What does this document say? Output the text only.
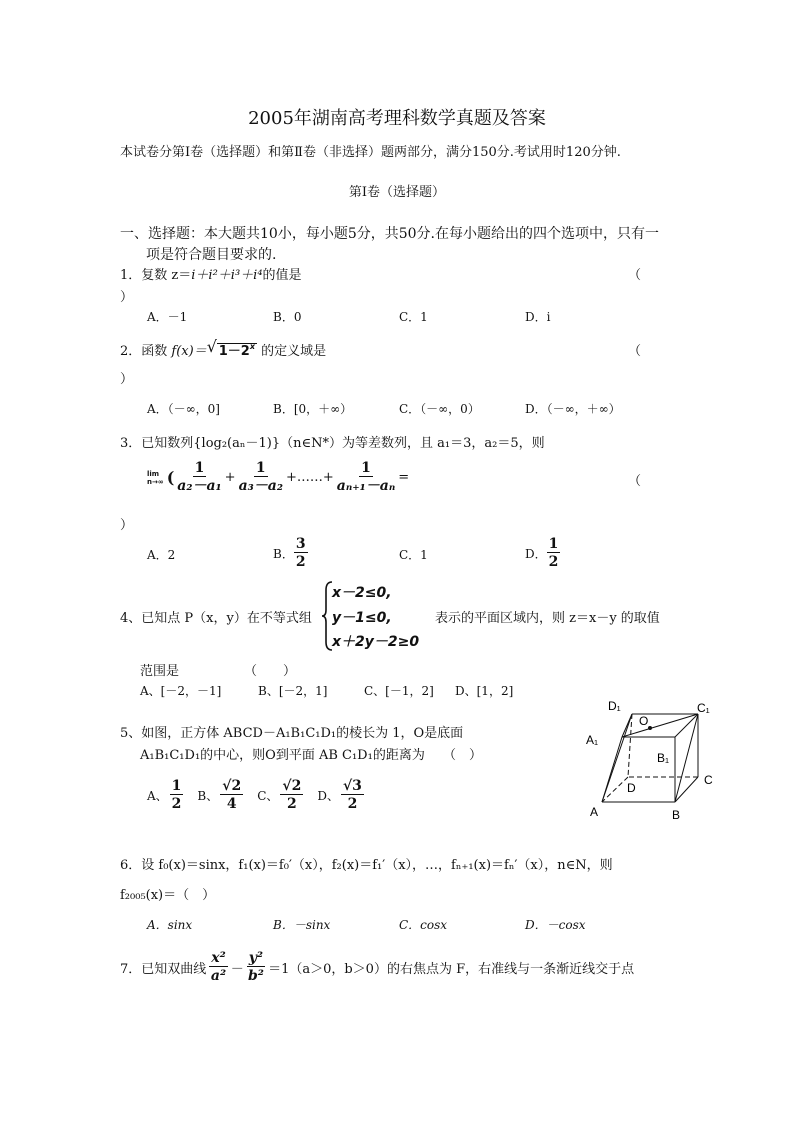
2005年湖南高考理科数学真题及答案
本试卷分第Ⅰ卷（选择题）和第Ⅱ卷（非选择）题两部分，满分150分.考试用时120分钟.
第Ⅰ卷（选择题）
一、选择题：本大题共10小，每小题5分，共50分.在每小题给出的四个选项中，只有一
项是符合题目要求的.
1．复数 z＝i＋i²＋i³＋i⁴的值是	（
）
A．－1	B．0	C．1	D．i
2．函数 f(x)＝ √ $1-2^x$ 的定义域是	（
）
A．（－∞，0]	B．[0，＋∞）	C．（－∞，0）	D．（－∞，＋∞）
3．已知数列{log₂(aₙ－1)}（n∈N*）为等差数列，且 a₁＝3，a₂＝5，则
lim
n→∞ ( $\frac{1}{\text{a₂－a₁}} + \frac{1}{\text{a₃－a₂}}$ +……+ $\frac{1}{\text{aₙ₊₁－aₙ}}$ =	（
）
A．2	B． $\frac{3}{2}$	C．1	D． $\frac{1}{2}$
4、已知点 P（x，y）在不等式组
x－2≤0,
y－1≤0,
x＋2y－2≥0
表示的平面区域内，则 z＝x－y 的取值
范围是	（　　）
A、[－2，－1]	B、[－2，1]	C、[－1，2] D、[1，2]
5、如图，正方体 ABCD－A₁B₁C₁D₁的棱长为 1，O是底面
A₁B₁C₁D₁的中心，则O到平面 AB C₁D₁的距离为 （　）
A、 $\frac{1}{2}$ B、 $\frac{√2}{4}$ C、 $\frac{√2}{2}$ D、 $\frac{√3}{2}$
D₁
O
C₁
A₁
B₁
C
D
A	B
6．设 f₀(x)＝sinx，f₁(x)＝f₀′（x），f₂(x)＝f₁′（x），…，fₙ₊₁(x)＝fₙ′（x），n∈N，则
f₂₀₀₅(x)＝（　）
A．sinx	B．－sinx	C．cosx	D．－cosx
7．已知双曲线 $\frac{\text{x²}}{\text{a²}} - \frac{\text{y²}}{\text{b²}} =1(a>0$，b＞0）的右焦点为 F，右准线与一条渐近线交于点
